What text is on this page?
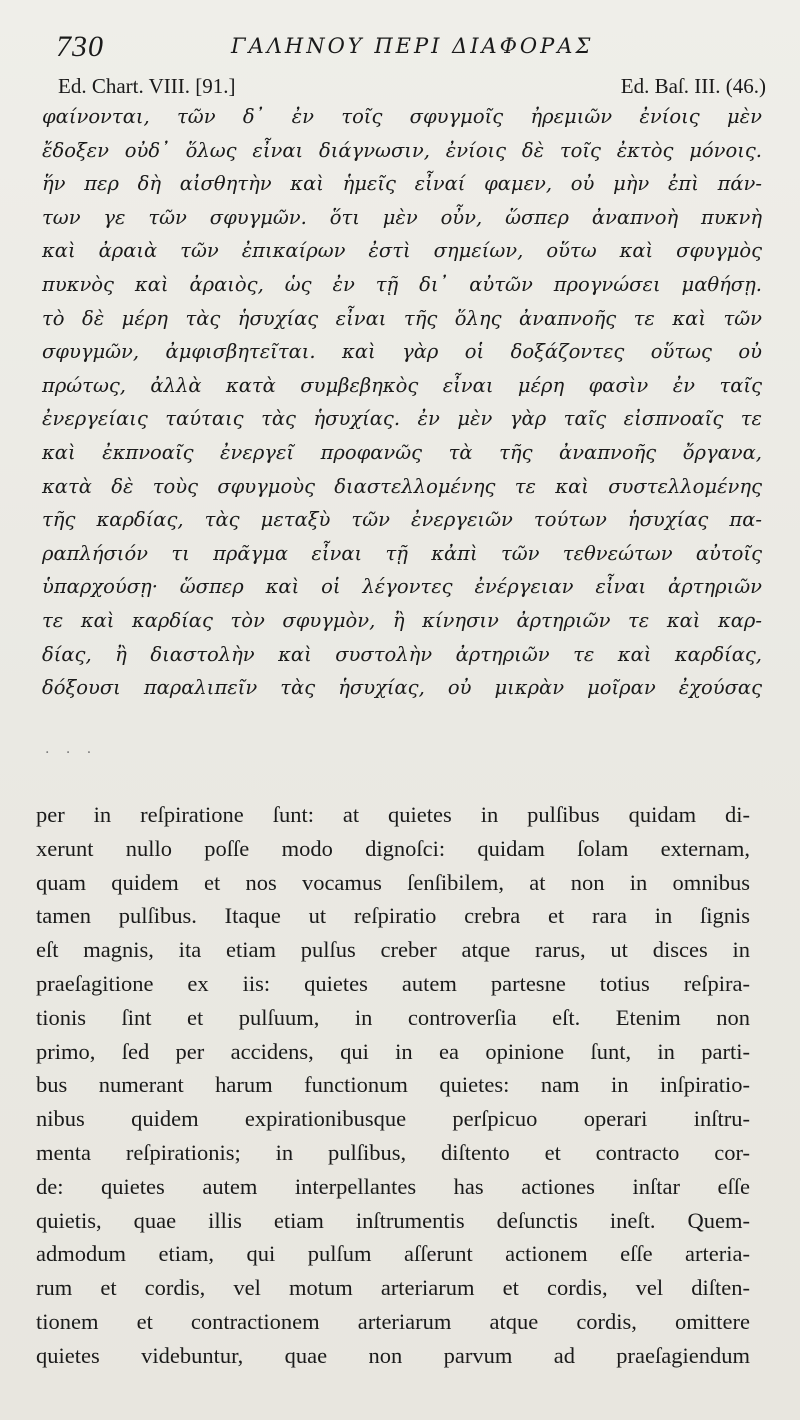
730	ΓΑΛΗΝΟΥ ΠΕΡΙ ΔΙΑΦΟΡΑΣ
Ed. Chart. VIII. [91.]	Ed. Baſ. III. (46.)
φαίνονται, τῶν δ᾽ ἐν τοῖς σφυγμοῖς ἠρεμιῶν ἐνίοις μὲν
ἔδοξεν οὐδ᾽ ὅλως εἶναι διάγνωσιν, ἐνίοις δὲ τοῖς ἐκτὸς μόνοις.
ἥν περ δὴ αἰσθητὴν καὶ ἡμεῖς εἶναί φαμεν, οὐ μὴν ἐπὶ πάν-
των γε τῶν σφυγμῶν. ὅτι μὲν οὖν, ὥσπερ ἀναπνοὴ πυκνὴ
καὶ ἀραιὰ τῶν ἐπικαίρων ἐστὶ σημείων, οὕτω καὶ σφυγμὸς
πυκνὸς καὶ ἀραιὸς, ὡς ἐν τῇ δι᾽ αὐτῶν προγνώσει μαθήσῃ.
τὸ δὲ μέρη τὰς ἡσυχίας εἶναι τῆς ὅλης ἀναπνοῆς τε καὶ τῶν
σφυγμῶν, ἀμφισβητεῖται. καὶ γὰρ οἱ δοξάζοντες οὕτως οὐ
πρώτως, ἀλλὰ κατὰ συμβεβηκὸς εἶναι μέρη φασὶν ἐν ταῖς
ἐνεργείαις ταύταις τὰς ἡσυχίας. ἐν μὲν γὰρ ταῖς εἰσπνοαῖς τε
καὶ ἐκπνοαῖς ἐνεργεῖ προφανῶς τὰ τῆς ἀναπνοῆς ὄργανα,
κατὰ δὲ τοὺς σφυγμοὺς διαστελλομένης τε καὶ συστελλομένης
τῆς καρδίας, τὰς μεταξὺ τῶν ἐνεργειῶν τούτων ἡσυχίας πα-
ραπλήσιόν τι πρᾶγμα εἶναι τῇ κἀπὶ τῶν τεθνεώτων αὐτοῖς
ὑπαρχούσῃ· ὥσπερ καὶ οἱ λέγοντες ἐνέργειαν εἶναι ἀρτηριῶν
τε καὶ καρδίας τὸν σφυγμὸν, ἢ κίνησιν ἀρτηριῶν τε καὶ καρ-
δίας, ἢ διαστολὴν καὶ συστολὴν ἀρτηριῶν τε καὶ καρδίας,
δόξουσι παραλιπεῖν τὰς ἡσυχίας, οὐ μικρὰν μοῖραν ἐχούσας
· · ·
per in reſpiratione ſunt: at quietes in pulſibus quidam di-
xerunt nullo poſſe modo dignoſci: quidam ſolam externam,
quam quidem et nos vocamus ſenſibilem, at non in omnibus
tamen pulſibus. Itaque ut reſpiratio crebra et rara in ſignis
eſt magnis, ita etiam pulſus creber atque rarus, ut disces in
praeſagitione ex iis: quietes autem partesne totius reſpira-
tionis ſint et pulſuum, in controverſia eſt. Etenim non
primo, ſed per accidens, qui in ea opinione ſunt, in parti-
bus numerant harum functionum quietes: nam in inſpiratio-
nibus quidem expirationibusque perſpicuo operari inſtru-
menta reſpirationis; in pulſibus, diſtento et contracto cor-
de: quietes autem interpellantes has actiones inſtar eſſe
quietis, quae illis etiam inſtrumentis deſunctis ineſt. Quem-
admodum etiam, qui pulſum aſſerunt actionem eſſe arteria-
rum et cordis, vel motum arteriarum et cordis, vel diſten-
tionem et contractionem arteriarum atque cordis, omittere
quietes videbuntur, quae non parvum ad praeſagiendum
